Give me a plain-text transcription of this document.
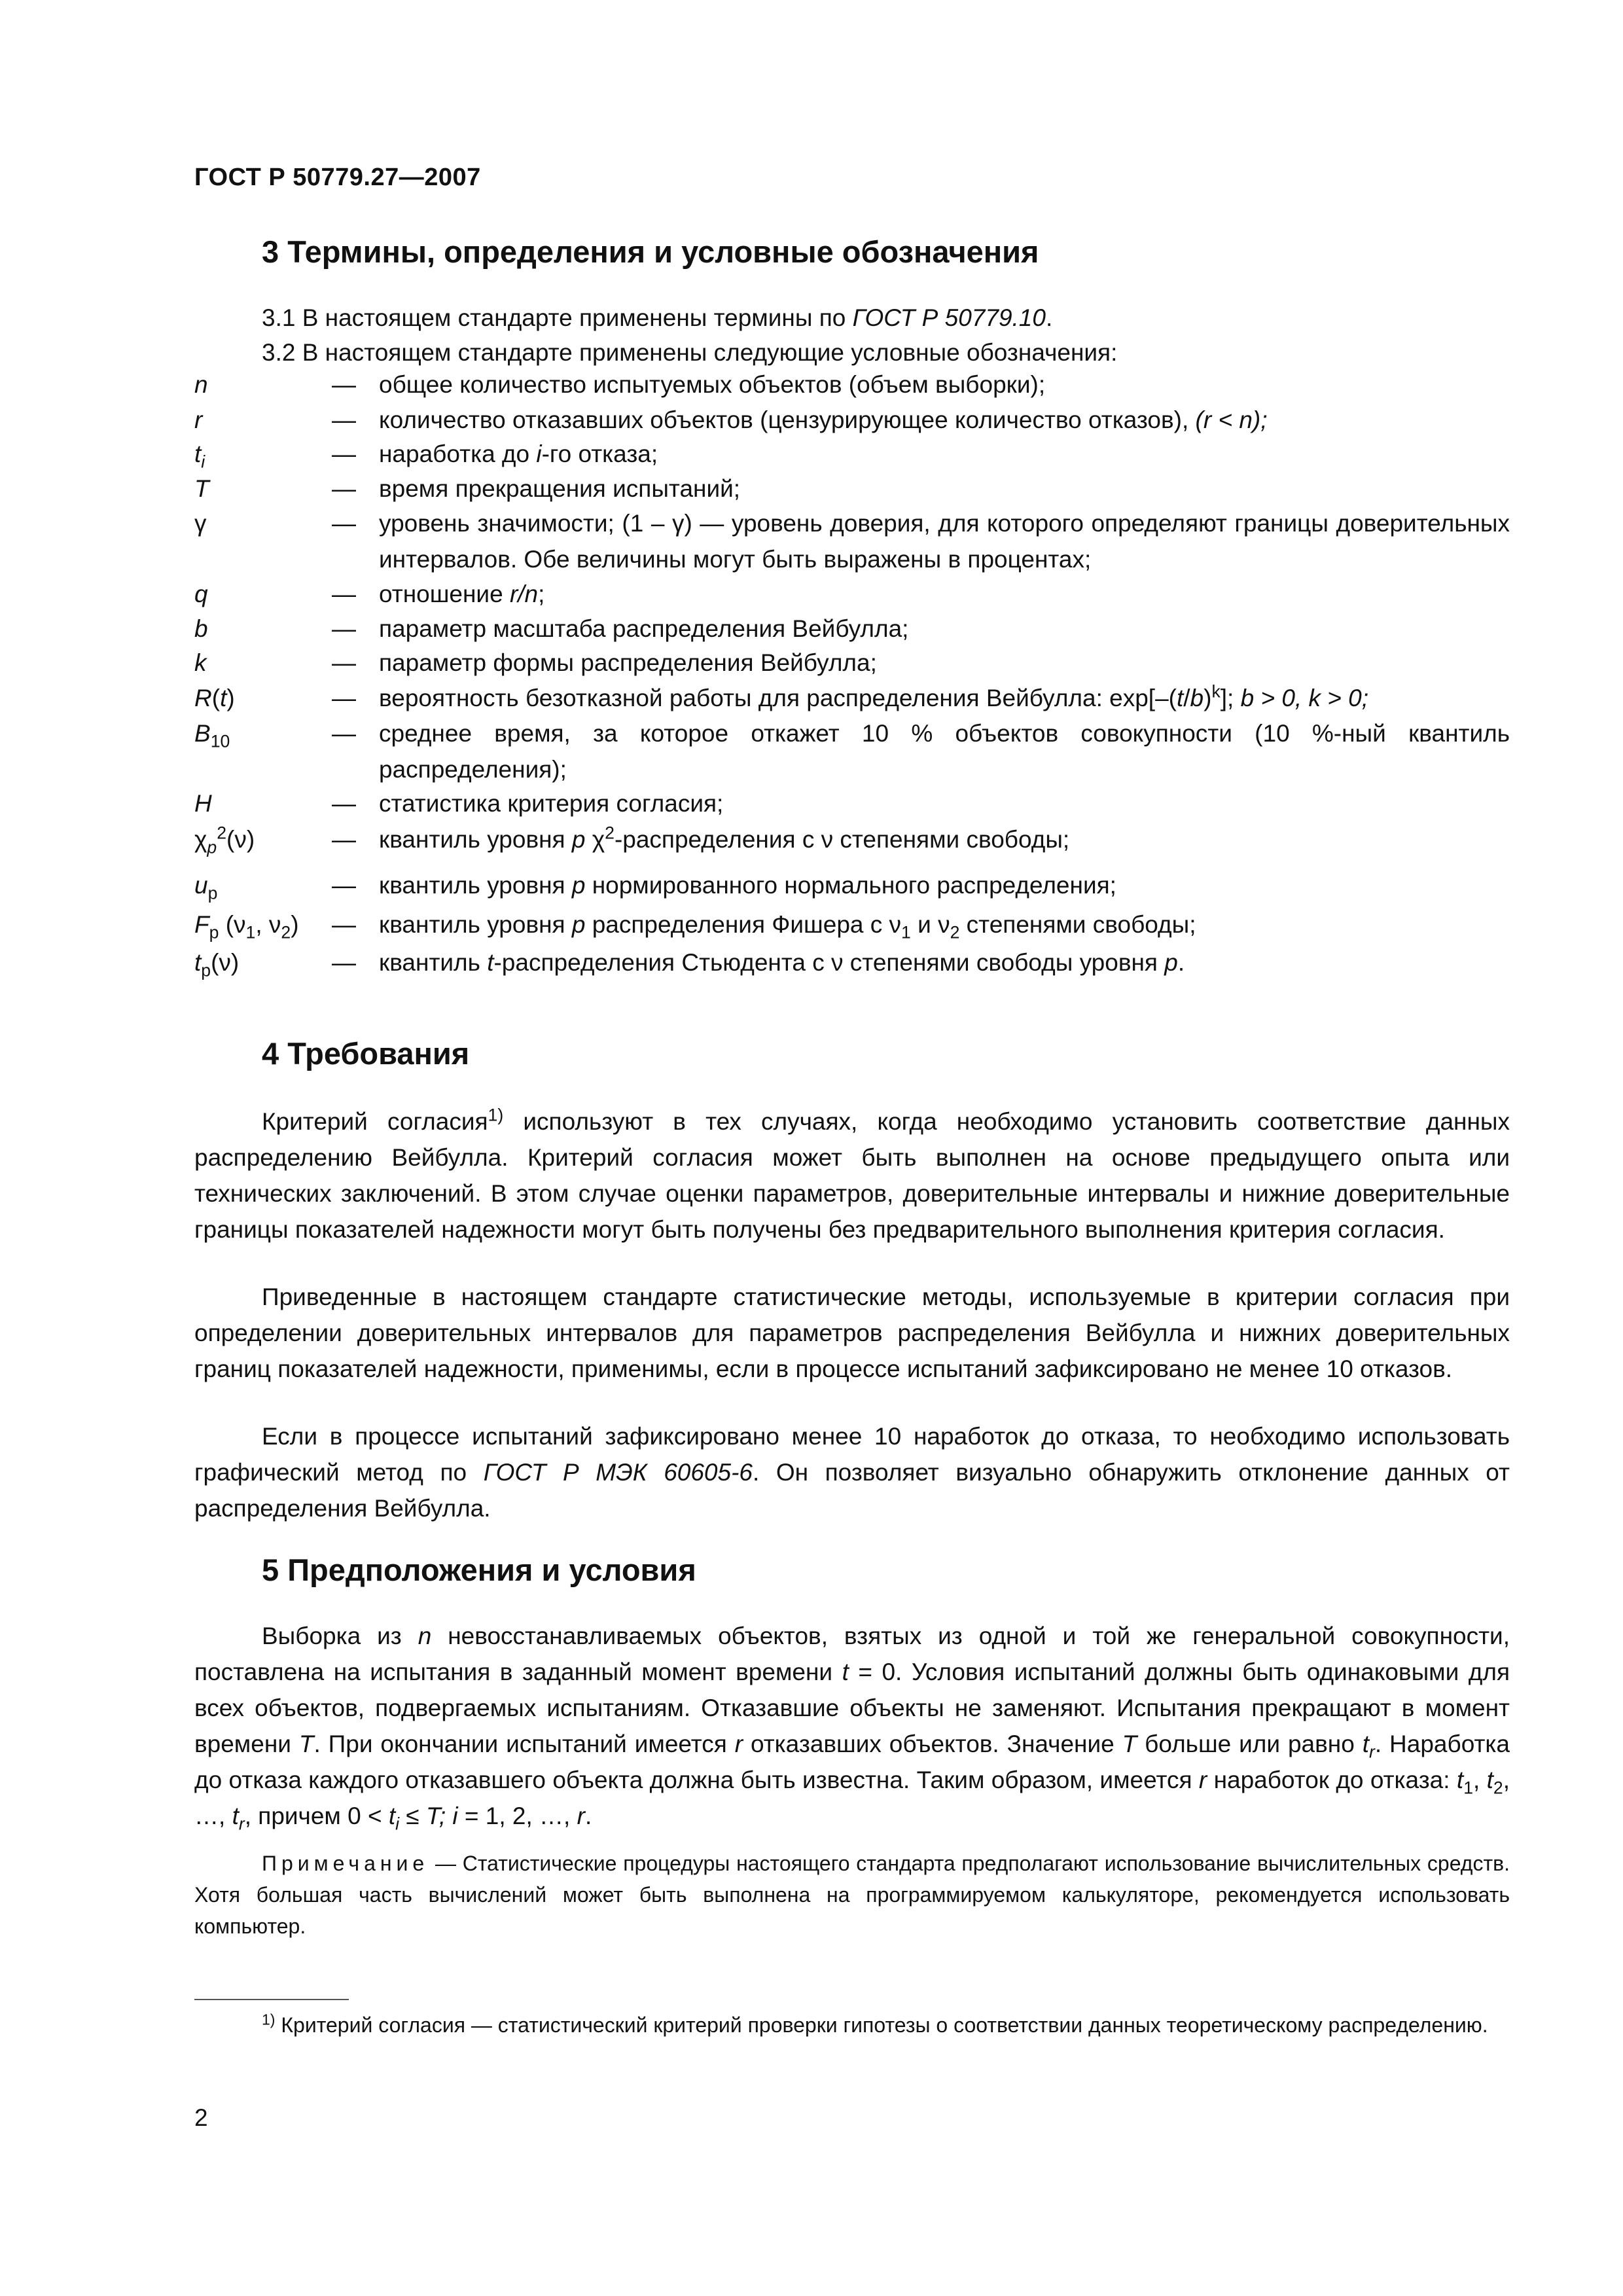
ГОСТ Р 50779.27—2007
3 Термины, определения и условные обозначения
3.1 В настоящем стандарте применены термины по ГОСТ Р 50779.10.
3.2 В настоящем стандарте применены следующие условные обозначения:
n	— общее количество испытуемых объектов (объем выборки);
r	— количество отказавших объектов (цензурирующее количество отказов), (r < n);
$t_i$	— наработка до i-го отказа;
T	— время прекращения испытаний;
γ	— уровень значимости; (1 – γ) — уровень доверия, для которого определяют границы доверительных интервалов. Обе величины могут быть выражены в процентах;
q	— отношение r/n;
b	— параметр масштаба распределения Вейбулла;
k	— параметр формы распределения Вейбулла;
R(t)	— вероятность безотказной работы для распределения Вейбулла: $\exp[-(t/b)^k]$; b > 0, k > 0;
$B_{10}$	— среднее время, за которое откажет 10 % объектов совокупности (10 %-ный квантиль распределения);
H	— статистика критерия согласия;
$\chi_p^2(\nu)$	— квантиль уровня p $\chi^2$-распределения с ν степенями свободы;
$u_p$	— квантиль уровня p нормированного нормального распределения;
$F_p$ ($\nu_1$, $\nu_2$)	— квантиль уровня p распределения Фишера с $\nu_1$ и $\nu_2$ степенями свободы;
$t_p(\nu)$	— квантиль t-распределения Стьюдента с ν степенями свободы уровня p.
4 Требования

Критерий согласия$^{1)}$ используют в тех случаях, когда необходимо установить соответствие данных распределению Вейбулла. Критерий согласия может быть выполнен на основе предыдущего опыта или технических заключений. В этом случае оценки параметров, доверительные интервалы и нижние доверительные границы показателей надежности могут быть получены без предварительного выполнения критерия согласия.

Приведенные в настоящем стандарте статистические методы, используемые в критерии согласия при определении доверительных интервалов для параметров распределения Вейбулла и нижних доверительных границ показателей надежности, применимы, если в процессе испытаний зафиксировано не менее 10 отказов.

Если в процессе испытаний зафиксировано менее 10 наработок до отказа, то необходимо использовать графический метод по ГОСТ Р МЭК 60605-6. Он позволяет визуально обнаружить отклонение данных от распределения Вейбулла.

5 Предположения и условия

Выборка из n невосстанавливаемых объектов, взятых из одной и той же генеральной совокупности, поставлена на испытания в заданный момент времени t = 0. Условия испытаний должны быть одинаковыми для всех объектов, подвергаемых испытаниям. Отказавшие объекты не заменяют. Испытания прекращают в момент времени T. При окончании испытаний имеется r отказавших объектов. Значение T больше или равно $t_r$. Наработка до отказа каждого отказавшего объекта должна быть известна. Таким образом, имеется r наработок до отказа: $t_1$, $t_2$, …, $t_r$, причем $0 < t_i \le T$; i = 1, 2, …, r.

Примечание — Статистические процедуры настоящего стандарта предполагают использование вычислительных средств. Хотя большая часть вычислений может быть выполнена на программируемом калькуляторе, рекомендуется использовать компьютер.

$^{1)}$ Критерий согласия — статистический критерий проверки гипотезы о соответствии данных теоретическому распределению.

2
